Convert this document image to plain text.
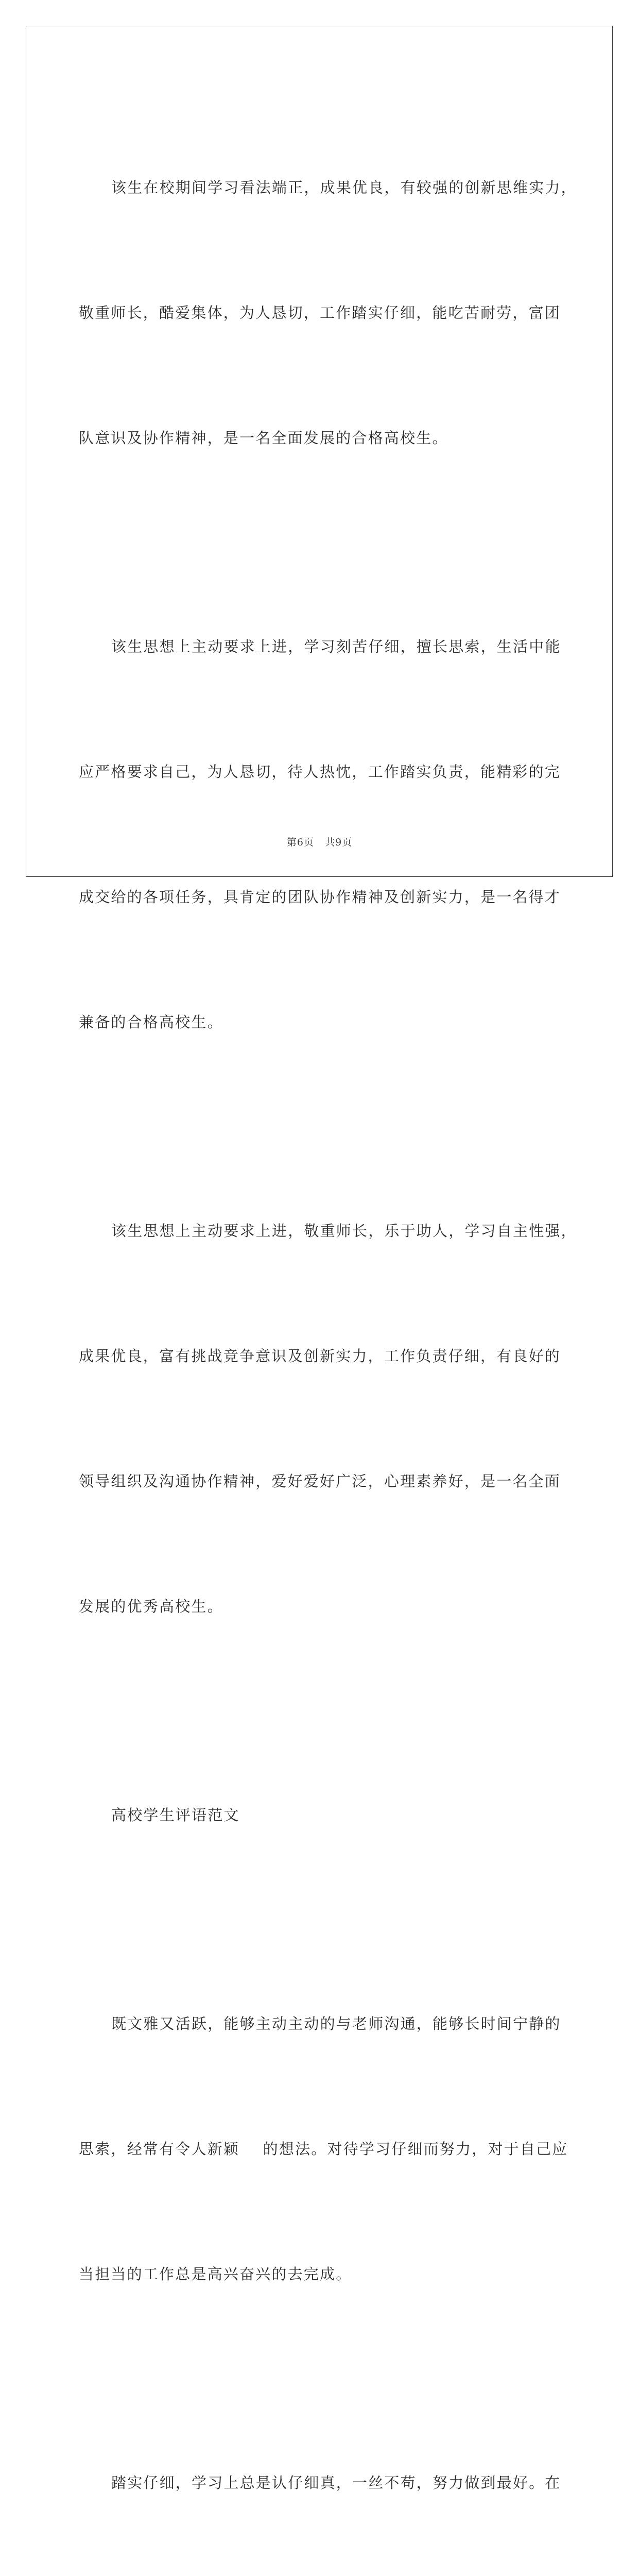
该生在校期间学习看法端正，成果优良，有较强的创新思维实力，

敬重师长，酷爱集体，为人恳切，工作踏实仔细，能吃苦耐劳，富团

队意识及协作精神，是一名全面发展的合格高校生。

该生思想上主动要求上进，学习刻苦仔细，擅长思索，生活中能

应严格要求自己，为人恳切，待人热忱，工作踏实负责，能精彩的完

成交给的各项任务，具肯定的团队协作精神及创新实力，是一名得才

兼备的合格高校生。

该生思想上主动要求上进，敬重师长，乐于助人，学习自主性强，

成果优良，富有挑战竞争意识及创新实力，工作负责仔细，有良好的

领导组织及沟通协作精神，爱好爱好广泛，心理素养好，是一名全面

发展的优秀高校生。

高校学生评语范文

既文雅又活跃，能够主动主动的与老师沟通，能够长时间宁静的

思索，经常有令人新颖    的想法。对待学习仔细而努力，对于自己应

当担当的工作总是高兴奋兴的去完成。

踏实仔细，学习上总是认仔细真，一丝不苟，努力做到最好。在

第6页 共9页
